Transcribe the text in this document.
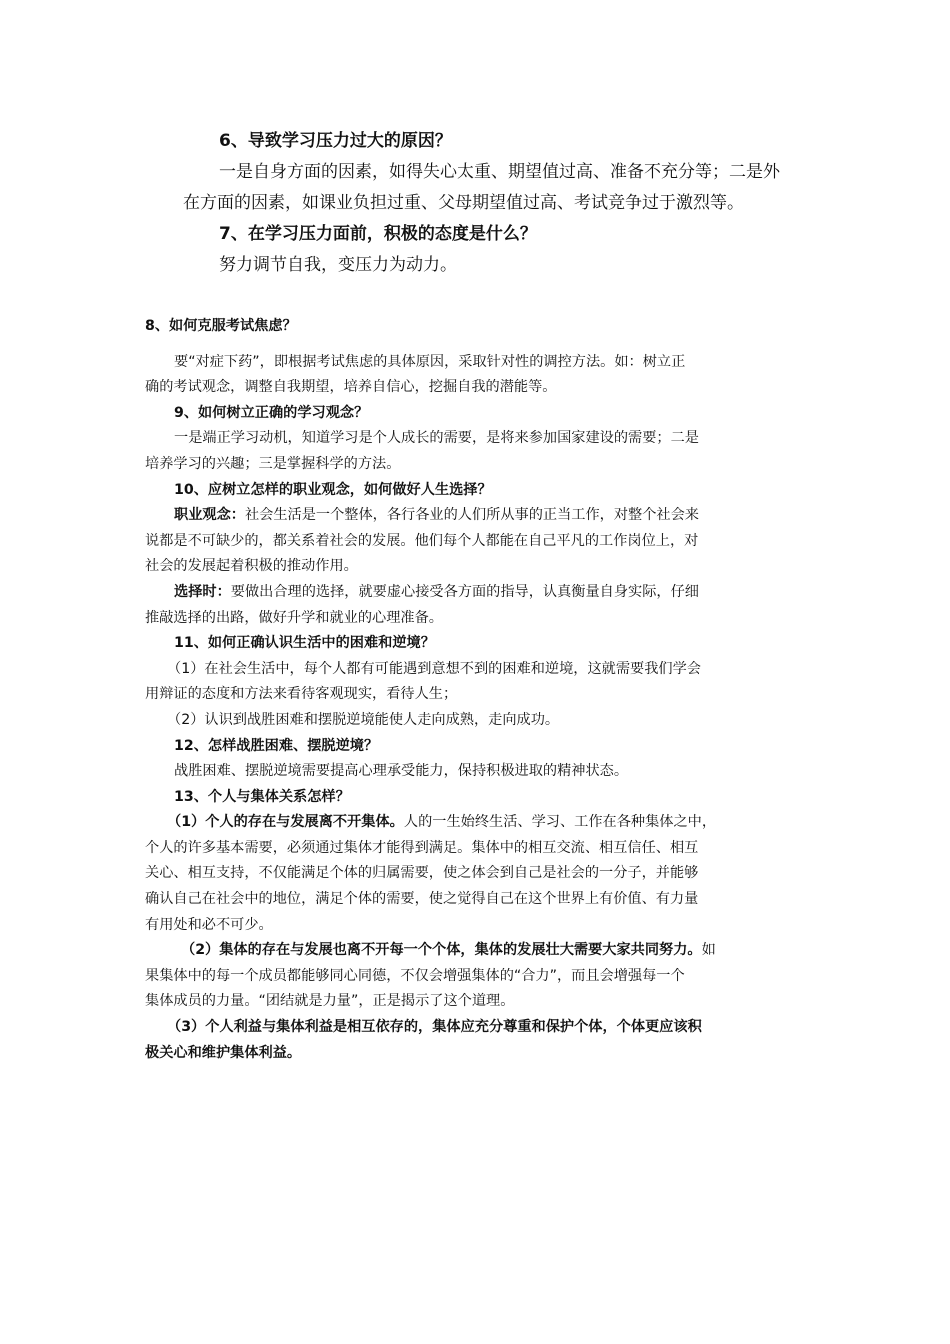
6、导致学习压力过大的原因？

一是自身方面的因素，如得失心太重、期望值过高、准备不充分等；二是外

在方面的因素，如课业负担过重、父母期望值过高、考试竞争过于激烈等。

7、在学习压力面前，积极的态度是什么？

努力调节自我，变压力为动力。

8、如何克服考试焦虑？

要“对症下药”，即根据考试焦虑的具体原因，采取针对性的调控方法。如：树立正

确的考试观念，调整自我期望，培养自信心，挖掘自我的潜能等。

9、如何树立正确的学习观念？

一是端正学习动机，知道学习是个人成长的需要，是将来参加国家建设的需要；二是

培养学习的兴趣；三是掌握科学的方法。

10、应树立怎样的职业观念，如何做好人生选择？

职业观念：社会生活是一个整体，各行各业的人们所从事的正当工作，对整个社会来

说都是不可缺少的，都关系着社会的发展。他们每个人都能在自己平凡的工作岗位上，对

社会的发展起着积极的推动作用。

选择时：要做出合理的选择，就要虚心接受各方面的指导，认真衡量自身实际，仔细

推敲选择的出路，做好升学和就业的心理准备。

11、如何正确认识生活中的困难和逆境？

（1）在社会生活中，每个人都有可能遇到意想不到的困难和逆境，这就需要我们学会

用辩证的态度和方法来看待客观现实，看待人生；

（2）认识到战胜困难和摆脱逆境能使人走向成熟，走向成功。

12、怎样战胜困难、摆脱逆境？

战胜困难、摆脱逆境需要提高心理承受能力，保持积极进取的精神状态。

13、个人与集体关系怎样？

（1）个人的存在与发展离不开集体。人的一生始终生活、学习、工作在各种集体之中，

个人的许多基本需要，必须通过集体才能得到满足。集体中的相互交流、相互信任、相互

关心、相互支持，不仅能满足个体的归属需要，使之体会到自己是社会的一分子，并能够

确认自己在社会中的地位，满足个体的需要，使之觉得自己在这个世界上有价值、有力量

有用处和必不可少。

（2）集体的存在与发展也离不开每一个个体，集体的发展壮大需要大家共同努力。如

果集体中的每一个成员都能够同心同德，不仅会增强集体的“合力”，而且会增强每一个

集体成员的力量。“团结就是力量”，正是揭示了这个道理。

（3）个人利益与集体利益是相互依存的，集体应充分尊重和保护个体，个体更应该积

极关心和维护集体利益。
